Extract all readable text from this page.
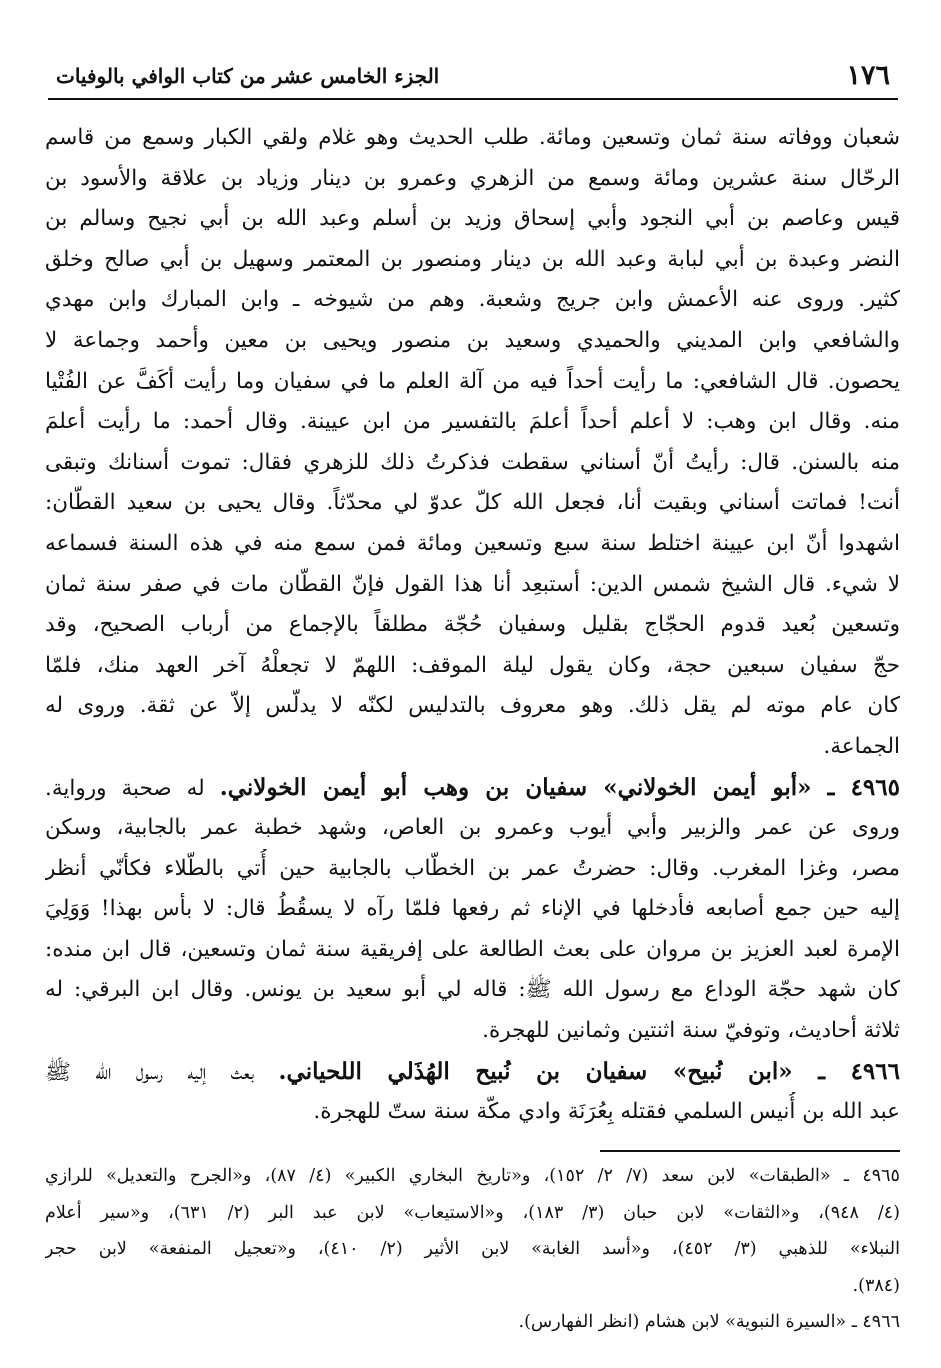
١٧٦
الجزء الخامس عشر من كتاب الوافي بالوفيات
شعبان ووفاته سنة ثمان وتسعين ومائة. طلب الحديث وهو غلام ولقي الكبار وسمع من قاسم
الرحّال سنة عشرين ومائة وسمع من الزهري وعمرو بن دينار وزياد بن علاقة والأسود بن
قيس وعاصم بن أبي النجود وأبي إسحاق وزيد بن أسلم وعبد الله بن أبي نجيح وسالم بن
النضر وعبدة بن أبي لبابة وعبد الله بن دينار ومنصور بن المعتمر وسهيل بن أبي صالح وخلق
كثير. وروى عنه الأعمش وابن جريج وشعبة. وهم من شيوخه ـ وابن المبارك وابن مهدي
والشافعي وابن المديني والحميدي وسعيد بن منصور ويحيى بن معين وأحمد وجماعة لا
يحصون. قال الشافعي: ما رأيت أحداً فيه من آلة العلم ما في سفيان وما رأيت أكَفَّ عن الفُتْيا
منه. وقال ابن وهب: لا أعلم أحداً أعلمَ بالتفسير من ابن عيينة. وقال أحمد: ما رأيت أعلمَ
منه بالسنن. قال: رأيتُ أنّ أسناني سقطت فذكرتُ ذلك للزهري فقال: تموت أسنانك وتبقى
أنت! فماتت أسناني وبقيت أنا، فجعل الله كلّ عدوّ لي محدّثاً. وقال يحيى بن سعيد القطّان:
اشهدوا أنّ ابن عيينة اختلط سنة سبع وتسعين ومائة فمن سمع منه في هذه السنة فسماعه
لا شيء. قال الشيخ شمس الدين: أستبعِد أنا هذا القول فإنّ القطّان مات في صفر سنة ثمان
وتسعين بُعيد قدوم الحجّاج بقليل وسفيان حُجّة مطلقاً بالإجماع من أرباب الصحيح، وقد
حجّ سفيان سبعين حجة، وكان يقول ليلة الموقف: اللهمّ لا تجعلْهُ آخر العهد منك، فلمّا
كان عام موته لم يقل ذلك. وهو معروف بالتدليس لكنّه لا يدلّس إلاّ عن ثقة. وروى له
الجماعة.
٤٩٦٥ ـ «أبو أيمن الخولاني» سفيان بن وهب أبو أيمن الخولاني. له صحبة ورواية.
وروى عن عمر والزبير وأبي أيوب وعمرو بن العاص، وشهد خطبة عمر بالجابية، وسكن
مصر، وغزا المغرب. وقال: حضرتُ عمر بن الخطّاب بالجابية حين أُتي بالطّلاء فكأنّي أنظر
إليه حين جمع أصابعه فأدخلها في الإناء ثم رفعها فلمّا رآه لا يسقُطُ قال: لا بأس بهذا! وَوَلِيَ
الإمرة لعبد العزيز بن مروان على بعث الطالعة على إفريقية سنة ثمان وتسعين، قال ابن منده:
كان شهد حجّة الوداع مع رسول الله ﷺ: قاله لي أبو سعيد بن يونس. وقال ابن البرقي: له
ثلاثة أحاديث، وتوفيّ سنة اثنتين وثمانين للهجرة.
٤٩٦٦ ـ «ابن نُبيح» سفيان بن نُبيح الهُذَلي اللحياني. بعث إليه رسول الله ﷺ
عبد الله بن أُنيس السلمي فقتله بِعُرَنَة وادي مكّة سنة ستّ للهجرة.
٤٩٦٥ ـ «الطبقات» لابن سعد (٧/ ٢/ ١٥٢)، و«تاريخ البخاري الكبير» (٤/ ٨٧)، و«الجرح والتعديل» للرازي
(٤/ ٩٤٨)، و«الثقات» لابن حبان (٣/ ١٨٣)، و«الاستيعاب» لابن عبد البر (٢/ ٦٣١)، و«سير أعلام
النبلاء» للذهبي (٣/ ٤٥٢)، و«أسد الغابة» لابن الأثير (٢/ ٤١٠)، و«تعجيل المنفعة» لابن حجر
(٣٨٤).
٤٩٦٦ ـ «السيرة النبوية» لابن هشام (انظر الفهارس).
